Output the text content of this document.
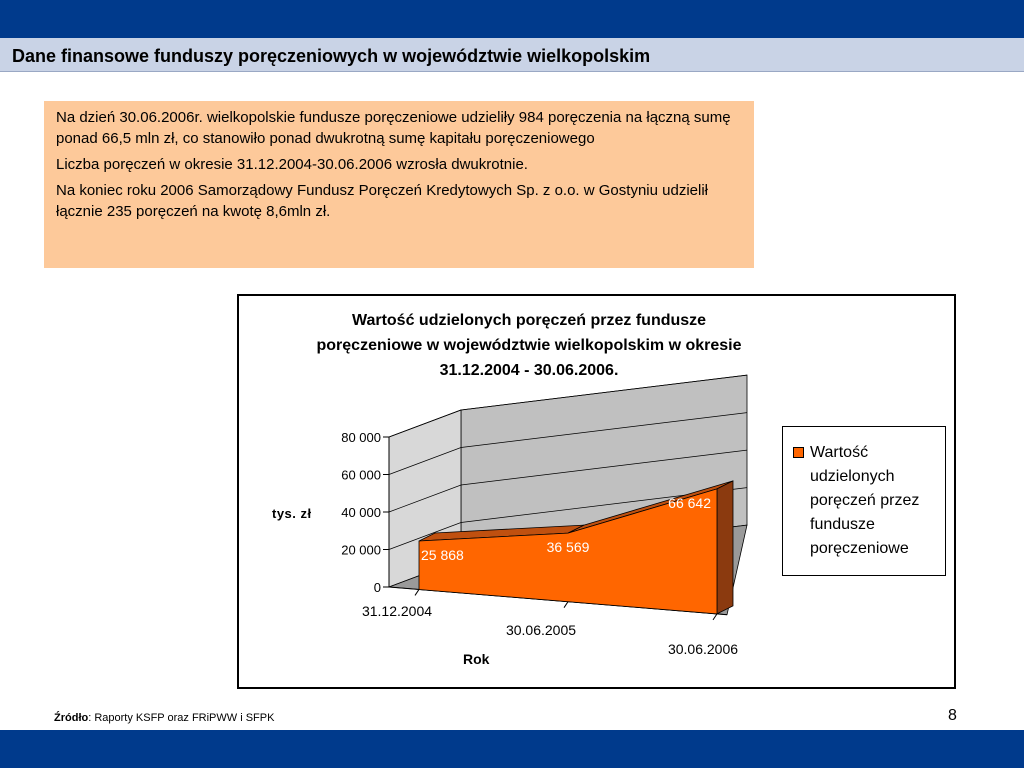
Dane finansowe funduszy poręczeniowych w województwie wielkopolskim

Na dzień 30.06.2006r. wielkopolskie fundusze poręczeniowe udzieliły 984 poręczenia na łączną sumę ponad 66,5 mln zł, co stanowiło ponad dwukrotną sumę kapitału poręczeniowego

Liczba poręczeń w okresie 31.12.2004-30.06.2006 wzrosła dwukrotnie.

Na koniec roku 2006 Samorządowy Fundusz Poręczeń Kredytowych Sp. z o.o. w Gostyniu udzielił łącznie 235 poręczeń na kwotę 8,6mln zł.

Wartość udzielonych poręczeń przez fundusze
poręczeniowe w województwie wielkopolskim w okresie
31.12.2004 - 30.06.2006.
0
20 000
40 000
60 000
80 000
25 868	36 569
66 642
31.12.2004
30.06.2005
30.06.2006
tys. zł
Rok
Wartość udzielonych poręczeń przez fundusze poręczeniowe
Źródło: Raporty KSFP oraz FRiPWW i SFPK	8
